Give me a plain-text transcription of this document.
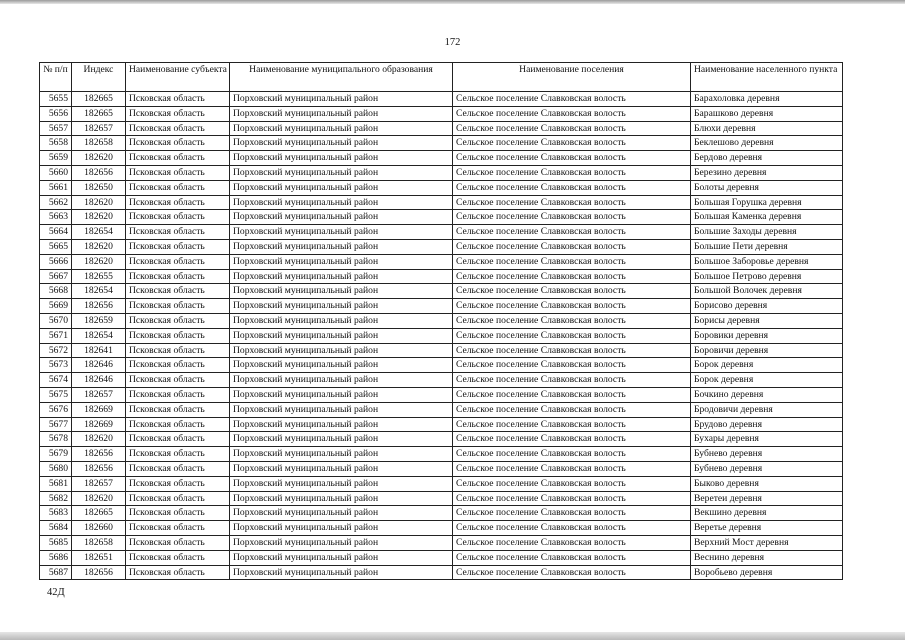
172
№ п/п	Индекс	Наименование субъекта	Наименование муниципального образования	Наименование поселения	Наименование населенного пункта
5655	182665	Псковская область	Порховский муниципальный район	Сельское поселение Славковская волость	Барахоловка деревня
5656	182665	Псковская область	Порховский муниципальный район	Сельское поселение Славковская волость	Барашково деревня
5657	182657	Псковская область	Порховский муниципальный район	Сельское поселение Славковская волость	Блюхи деревня
5658	182658	Псковская область	Порховский муниципальный район	Сельское поселение Славковская волость	Беклешово деревня
5659	182620	Псковская область	Порховский муниципальный район	Сельское поселение Славковская волость	Бердово деревня
5660	182656	Псковская область	Порховский муниципальный район	Сельское поселение Славковская волость	Березино деревня
5661	182650	Псковская область	Порховский муниципальный район	Сельское поселение Славковская волость	Болоты деревня
5662	182620	Псковская область	Порховский муниципальный район	Сельское поселение Славковская волость	Большая Горушка деревня
5663	182620	Псковская область	Порховский муниципальный район	Сельское поселение Славковская волость	Большая Каменка деревня
5664	182654	Псковская область	Порховский муниципальный район	Сельское поселение Славковская волость	Большие Заходы деревня
5665	182620	Псковская область	Порховский муниципальный район	Сельское поселение Славковская волость	Большие Пети деревня
5666	182620	Псковская область	Порховский муниципальный район	Сельское поселение Славковская волость	Большое Заборовье деревня
5667	182655	Псковская область	Порховский муниципальный район	Сельское поселение Славковская волость	Большое Петрово деревня
5668	182654	Псковская область	Порховский муниципальный район	Сельское поселение Славковская волость	Большой Волочек деревня
5669	182656	Псковская область	Порховский муниципальный район	Сельское поселение Славковская волость	Борисово деревня
5670	182659	Псковская область	Порховский муниципальный район	Сельское поселение Славковская волость	Борисы деревня
5671	182654	Псковская область	Порховский муниципальный район	Сельское поселение Славковская волость	Боровики деревня
5672	182641	Псковская область	Порховский муниципальный район	Сельское поселение Славковская волость	Боровичи деревня
5673	182646	Псковская область	Порховский муниципальный район	Сельское поселение Славковская волость	Борок деревня
5674	182646	Псковская область	Порховский муниципальный район	Сельское поселение Славковская волость	Борок деревня
5675	182657	Псковская область	Порховский муниципальный район	Сельское поселение Славковская волость	Бочкино деревня
5676	182669	Псковская область	Порховский муниципальный район	Сельское поселение Славковская волость	Бродовичи деревня
5677	182669	Псковская область	Порховский муниципальный район	Сельское поселение Славковская волость	Брудово деревня
5678	182620	Псковская область	Порховский муниципальный район	Сельское поселение Славковская волость	Бухары деревня
5679	182656	Псковская область	Порховский муниципальный район	Сельское поселение Славковская волость	Бубнево деревня
5680	182656	Псковская область	Порховский муниципальный район	Сельское поселение Славковская волость	Бубнево деревня
5681	182657	Псковская область	Порховский муниципальный район	Сельское поселение Славковская волость	Быково деревня
5682	182620	Псковская область	Порховский муниципальный район	Сельское поселение Славковская волость	Веретеи деревня
5683	182665	Псковская область	Порховский муниципальный район	Сельское поселение Славковская волость	Векшино деревня
5684	182660	Псковская область	Порховский муниципальный район	Сельское поселение Славковская волость	Веретье деревня
5685	182658	Псковская область	Порховский муниципальный район	Сельское поселение Славковская волость	Верхний Мост деревня
5686	182651	Псковская область	Порховский муниципальный район	Сельское поселение Славковская волость	Веснино деревня
5687	182656	Псковская область	Порховский муниципальный район	Сельское поселение Славковская волость	Воробьево деревня
42Д
